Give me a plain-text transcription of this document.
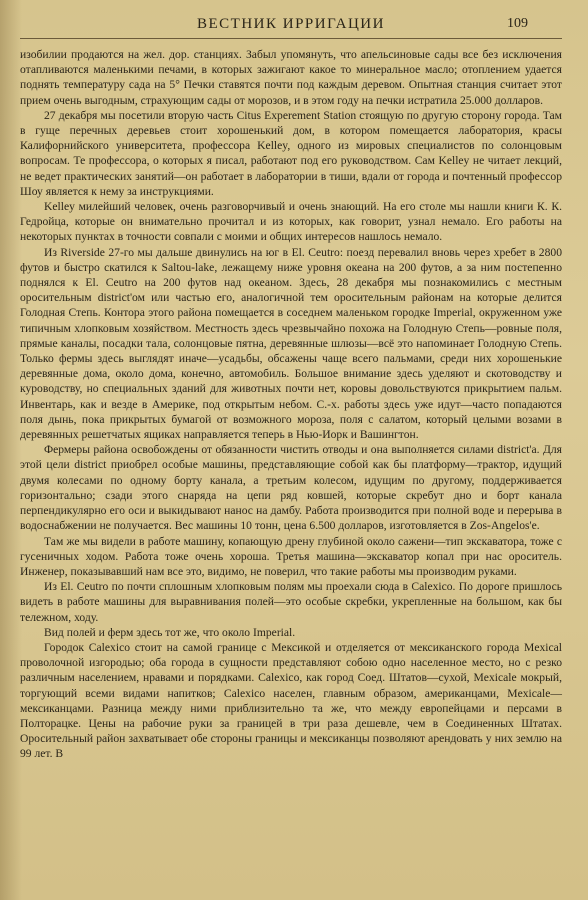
ВЕСТНИК ИРРИГАЦИИ	109

изобилии продаются на жел. дор. станциях. Забыл упомянуть, что апельсиновые сады все без исключения отапливаются маленькими печами, в которых зажигают какое то минеральное масло; отоплением удается поднять температуру сада на 5° Печки ставятся почти под каждым деревом. Опытная станция считает этот прием очень выгодным, страхующим сады от морозов, и в этом году на печки истратила 25.000 долларов.

27 декабря мы посетили вторую часть Citus Experement Station стоящую по другую сторону города. Там в гуще перечных деревьев стоит хорошенький дом, в котором помещается лаборатория, красы Калифорнийского университета, профессора Kelley, одного из мировых специалистов по солонцовым вопросам. Те профессора, о которых я писал, работают под его руководством. Сам Kelley не читает лекций, не ведет практических занятий—он работает в лаборатории в тиши, вдали от города и почтенный профессор Шоу является к нему за инструкциями.

Kelley милейший человек, очень разговорчивый и очень знающий. На его столе мы нашли книги К. К. Гедройца, которые он внимательно прочитал и из которых, как говорит, узнал немало. Его работы на некоторых пунктах в точности совпали с моими и общих интересов нашлось немало.

Из Riverside 27-го мы дальше двинулись на юг в El. Ceutro: поезд перевалил вновь через хребет в 2800 футов и быстро скатился к Saltou-lake, лежащему ниже уровня океана на 200 футов, а за ним постепенно поднялся к El. Ceutro на 200 футов над океаном. Здесь, 28 декабря мы познакомились с местным оросительным district'ом или частью его, аналогичной тем оросительным районам на которые делится Голодная Степь. Контора этого района помещается в соседнем маленьком городке Imperial, окруженном уже типичным хлопковым хозяйством. Местность здесь чрезвычайно похожа на Голодную Степь—ровные поля, прямые каналы, посадки тала, солонцовые пятна, деревянные шлюзы—всё это напоминает Голодную Степь. Только фермы здесь выглядят иначе—усадьбы, обсажены чаще всего пальмами, среди них хорошенькие деревянные дома, около дома, конечно, автомобиль. Большое внимание здесь уделяют и скотоводству и куроводству, но специальных зданий для животных почти нет, коровы довольствуются прикрытием пальм. Инвентарь, как и везде в Америке, под открытым небом. С.-х. работы здесь уже идут—часто попадаются поля дынь, пока прикрытых бумагой от возможного мороза, поля с салатом, который целыми возами в деревянных решетчатых ящиках направляется теперь в Нью-Иорк и Вашингтон.

Фермеры района освобождены от обязанности чистить отводы и она выполняется силами district'а. Для этой цели district приобрел особые машины, представляющие собой как бы платформу—трактор, идущий двумя колесами по одному борту канала, а третьим колесом, идущим по другому, поддерживается горизонтально; сзади этого снаряда на цепи ряд ковшей, которые скребут дно и борт канала перпендикулярно его оси и выкидывают нанос на дамбу. Работа производится при полной воде и перерыва в водоснабжении не получается. Вес машины 10 тонн, цена 6.500 долларов, изготовляется в Zos-Angelos'e.

Там же мы видели в работе машину, копающую дрену глубиной около сажени—тип экскаватора, тоже с гусеничных ходом. Работа тоже очень хороша. Третья машина—экскаватор копал при нас ороситель. Инженер, показывавший нам все это, видимо, не поверил, что такие работы мы производим руками.

Из El. Ceutro по почти сплошным хлопковым полям мы проехали сюда в Calexico. По дороге пришлось видеть в работе машины для выравнивания полей—это особые скребки, укрепленные на большом, как бы тележном, ходу.

Вид полей и ферм здесь тот же, что около Imperial.

Городок Calexico стоит на самой границе с Мексикой и отделяется от мексиканского города Mexical проволочной изгородью; оба города в сущности представляют собою одно населенное место, но с резко различным населением, нравами и порядками. Calexico, как город Соед. Штатов—сухой, Mexicale мокрый, торгующий всеми видами напитков; Calexico населен, главным образом, американцами, Mexicale—мексиканцами. Разница между ними приблизительно та же, что между европейцами и персами в Полторацке. Цены на рабочие руки за границей в три раза дешевле, чем в Соединенных Штатах. Оросительный район захватывает обе стороны границы и мексиканцы позволяют арендовать у них землю на 99 лет. В
